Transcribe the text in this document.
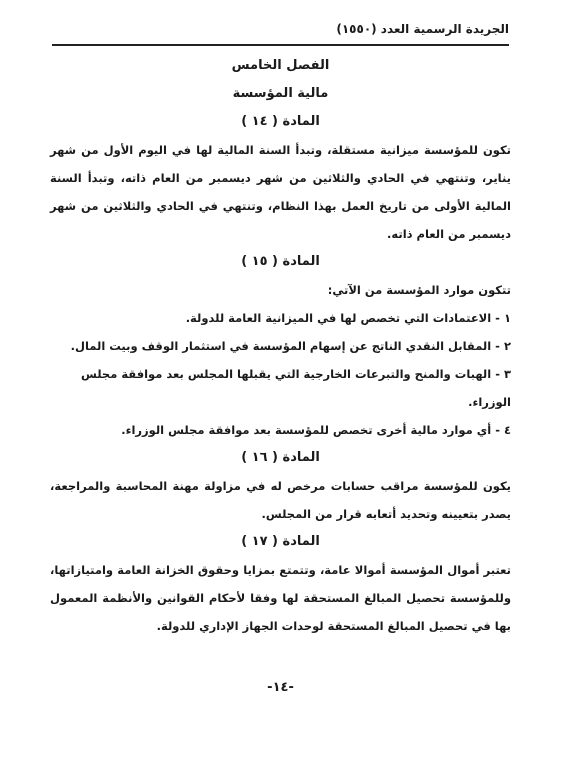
الجريدة الرسمية العدد (١٥٥٠)
الفصل الخامس
مالية المؤسسة
المادة ( ١٤ )
تكون للمؤسسة ميزانية مستقلة، وتبدأ السنة المالية لها في اليوم الأول من شهر يناير، وتنتهي في الحادي والثلاثين من شهر ديسمبر من العام ذاته، وتبدأ السنة المالية الأولى من تاريخ العمل بهذا النظام، وتنتهي في الحادي والثلاثين من شهر ديسمبر من العام ذاته.
المادة ( ١٥ )
تتكون موارد المؤسسة من الآتي:
١ - الاعتمادات التي تخصص لها في الميزانية العامة للدولة.
٢ - المقابل النقدي الناتج عن إسهام المؤسسة في استثمار الوقف وبيت المال.
٣ - الهبات والمنح والتبرعات الخارجية التي يقبلها المجلس بعد موافقة مجلس الوزراء.
٤ - أي موارد مالية أخرى تخصص للمؤسسة بعد موافقة مجلس الوزراء.
المادة ( ١٦ )
يكون للمؤسسة مراقب حسابات مرخص له في مزاولة مهنة المحاسبة والمراجعة، يصدر بتعيينه وتحديد أتعابه قرار من المجلس.
المادة ( ١٧ )
تعتبر أموال المؤسسة أموالا عامة، وتتمتع بمزايا وحقوق الخزانة العامة وامتيازاتها، وللمؤسسة تحصيل المبالغ المستحقة لها وفقا لأحكام القوانين والأنظمة المعمول بها في تحصيل المبالغ المستحقة لوحدات الجهاز الإداري للدولة.
-١٤-
